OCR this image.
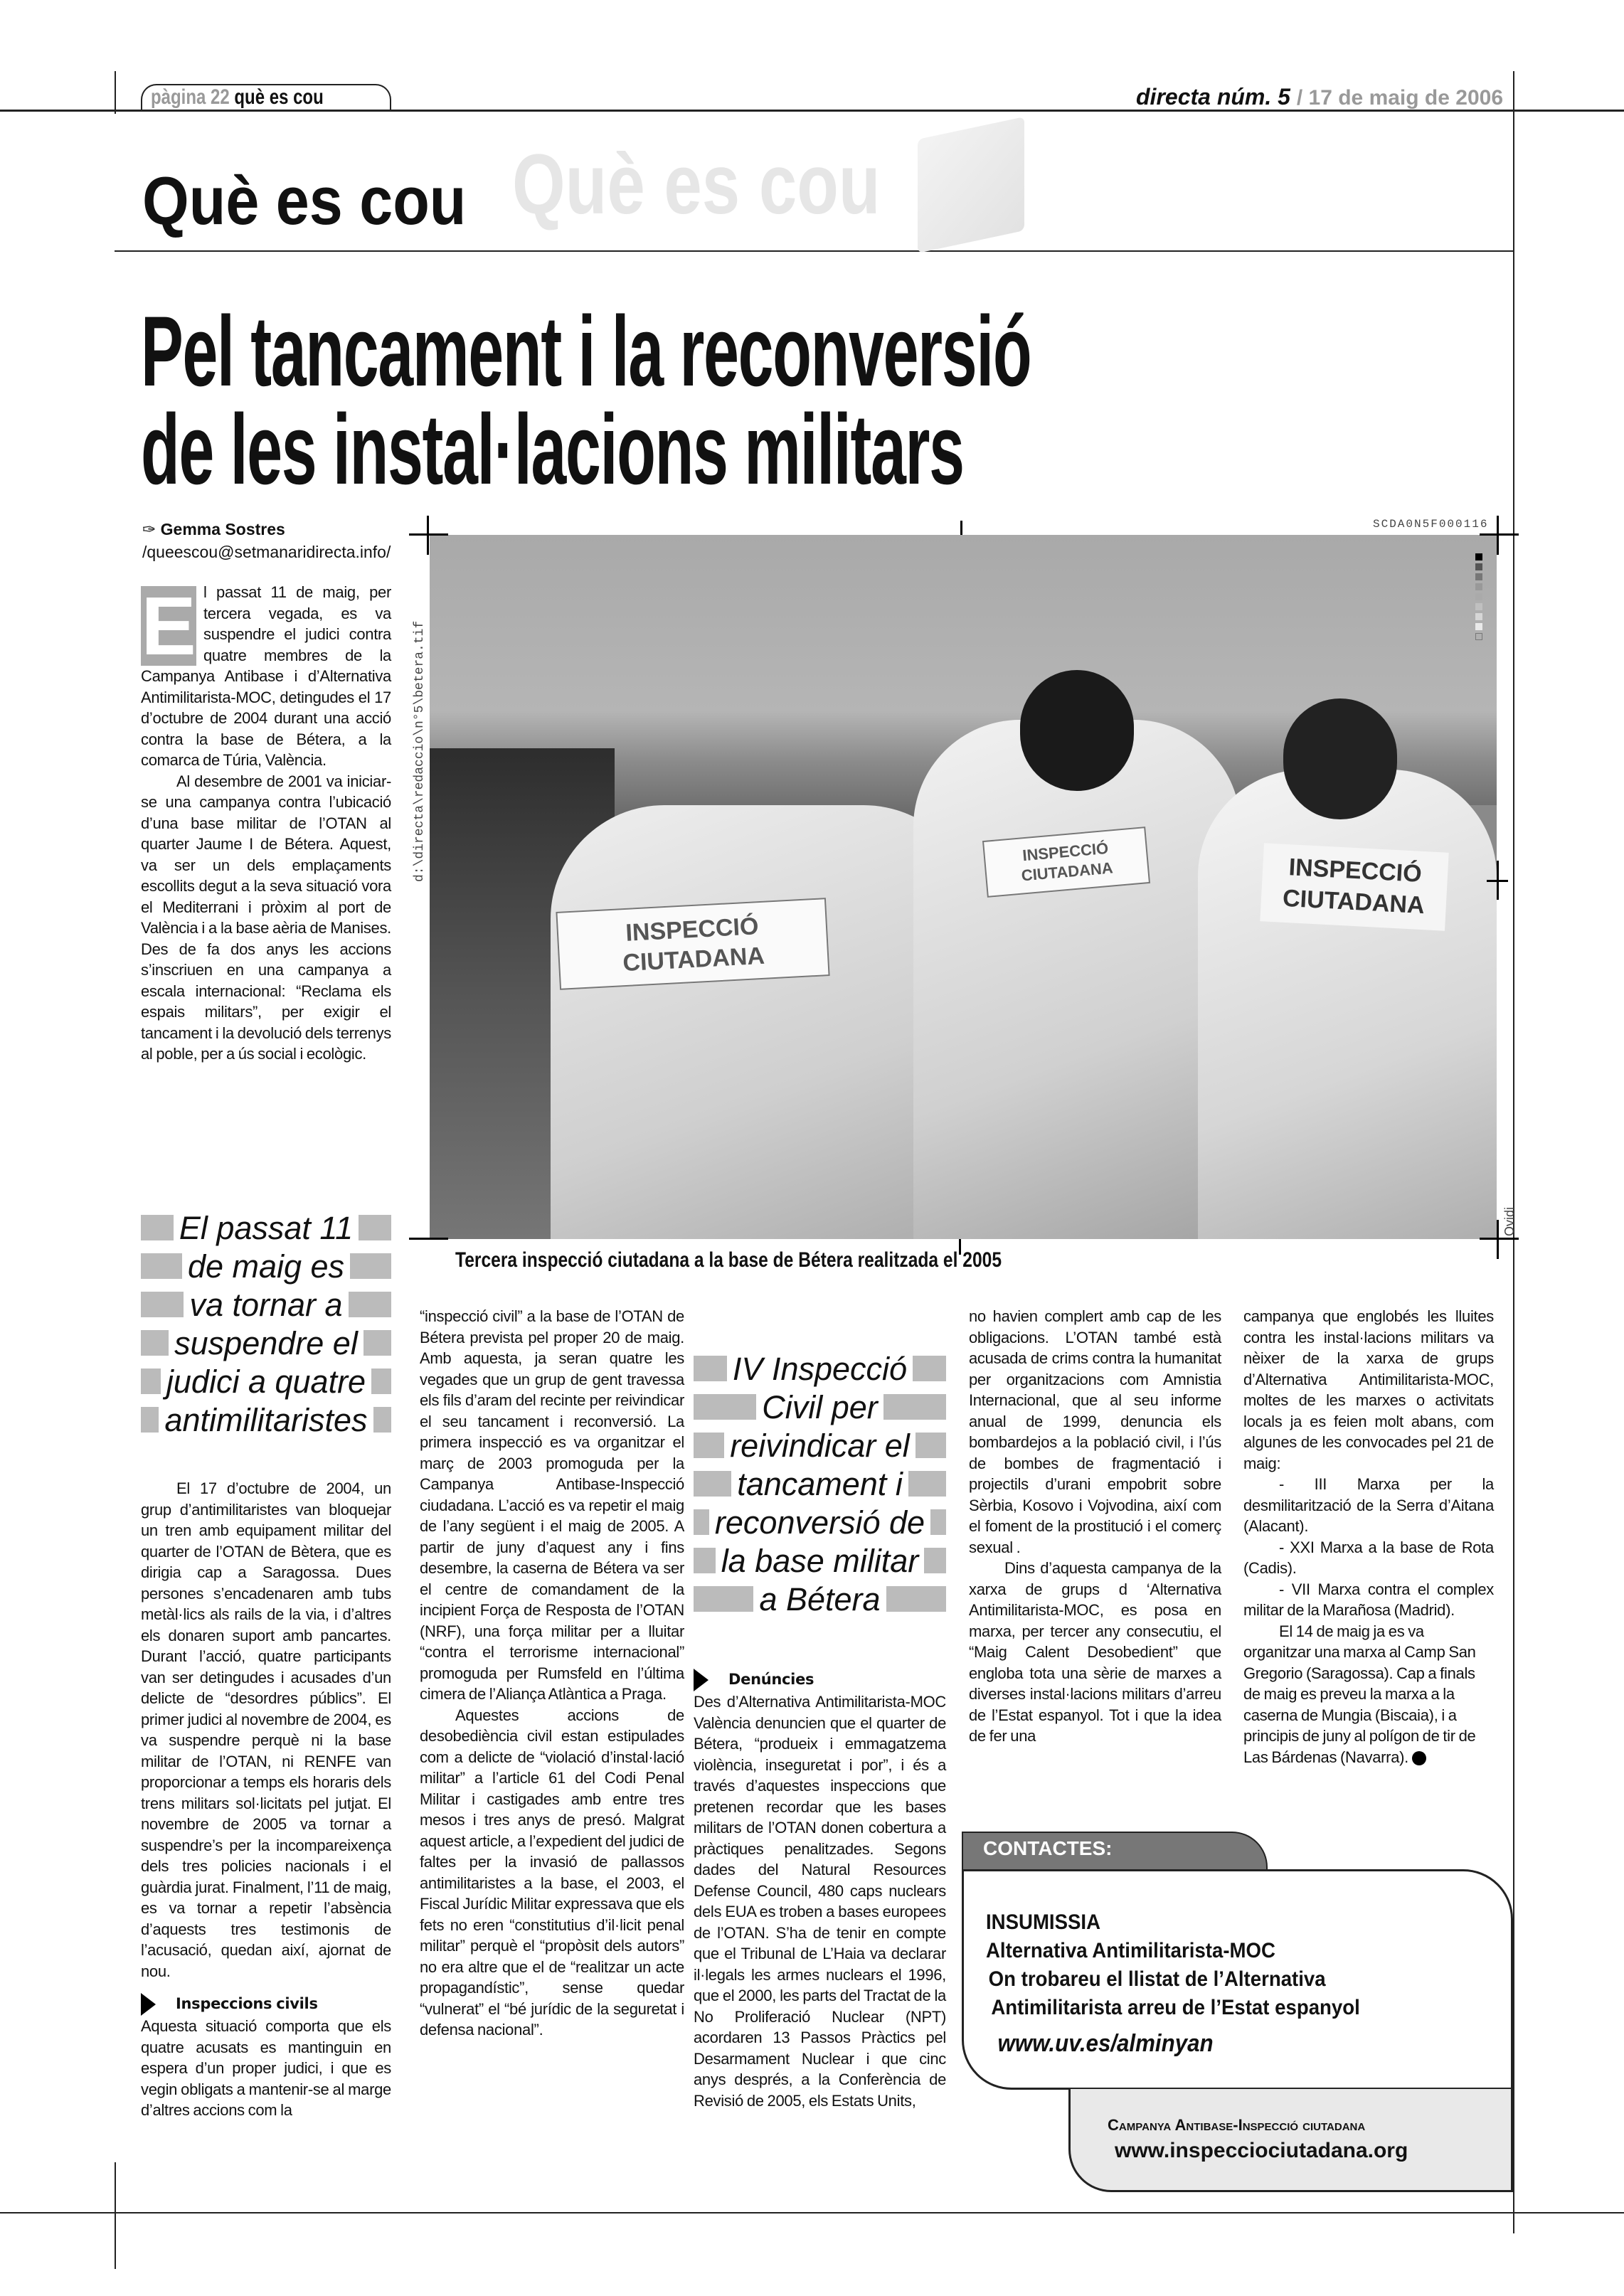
pàgina 22 què es cou	directa núm. 5 / 17 de maig de 2006
Què es cou
Què es cou
Pel tancament i la reconversió
de les instal·lacions militars
✑ Gemma Sostres
/queescou@setmanaridirecta.info/
E l passat 11 de maig, per tercera vegada, es va suspendre el judici contra quatre membres de la Campanya Antibase i d’Alternativa Antimilitarista-MOC, detingudes el 17 d’octubre de 2004 durant una acció contra la base de Bétera, a la comarca de Túria, València.

Al desembre de 2001 va iniciar-se una campanya contra l’ubicació d’una base militar de l’OTAN al quarter Jaume I de Bétera. Aquest, va ser un dels emplaçaments escollits degut a la seva situació vora el Mediterrani i pròxim al port de València i a la base aèria de Manises. Des de fa dos anys les accions s’inscriuen en una campanya a escala internacional: “Reclama els espais militars”, per exigir el tancament i la devolució dels terrenys al poble, per a ús social i ecològic.

INSPECCIÓ
CIUTADANA
INSPECCIÓ
CIUTADANA	INSPECCIÓ
CIUTADANA
d:\directa\redaccio\n°5\betera.tif
SCDA0N5F000116
Ovidi
Tercera inspecció ciutadana a la base de Bétera realitzada el 2005
El passat 11
de maig es
va tornar a
suspendre el
judici a quatre
antimilitaristes

El 17 d’octubre de 2004, un grup d’antimilitaristes van bloquejar un tren amb equipament militar del quarter de l’OTAN de Bètera, que es dirigia cap a Saragossa. Dues persones s’encadenaren amb tubs metàl·lics als rails de la via, i d’altres els donaren suport amb pancartes. Durant l’acció, quatre participants van ser detingudes i acusades d’un delicte de “desordres públics”. El primer judici al novembre de 2004, es va suspendre perquè ni la base militar de l’OTAN, ni RENFE van proporcionar a temps els horaris dels trens militars sol·licitats pel jutjat. El novembre de 2005 va tornar a suspendre’s per la incompareixença dels tres policies nacionals i el guàrdia jurat. Finalment, l’11 de maig, es va tornar a repetir l’absència d’aquests tres testimonis de l’acusació, quedan així, ajornat de nou.

Inspeccions civils

Aquesta situació comporta que els quatre acusats es mantinguin en espera d’un proper judici, i que es vegin obligats a mantenir-se al marge d’altres accions com la

“inspecció civil” a la base de l’OTAN de Bétera prevista pel proper 20 de maig. Amb aquesta, ja seran quatre les vegades que un grup de gent travessa els fils d’aram del recinte per reivindicar el seu tancament i reconversió. La primera inspecció es va organitzar el març de 2003 promoguda per la Campanya Antibase-Inspecció ciudadana. L’acció es va repetir el maig de l’any següent i el maig de 2005. A partir de juny d’aquest any i fins desembre, la caserna de Bétera va ser el centre de comandament de la incipient Força de Resposta de l’OTAN (NRF), una força militar per a lluitar “contra el terrorisme internacional” promoguda per Rumsfeld en l’última cimera de l’Aliança Atlàntica a Praga.

Aquestes accions de desobediència civil estan estipulades com a delicte de “violació d’instal·lació militar” a l’article 61 del Codi Penal Militar i castigades amb entre tres mesos i tres anys de presó. Malgrat aquest article, a l’expedient del judici de faltes per la invasió de pallassos antimilitaristes a la base, el 2003, el Fiscal Jurídic Militar expressava que els fets no eren “constitutius d’il·licit penal militar” perquè el “propòsit dels autors” no era altre que el de “realitzar un acte propagandístic”, sense quedar “vulnerat” el “bé jurídic de la seguretat i defensa nacional”.

IV Inspecció
Civil per
reivindicar el
tancament i
reconversió de
la base militar
a Bétera
Denúncies

Des d’Alternativa Antimilitarista-MOC València denuncien que el quarter de Bétera, “produeix i emmagatzema violència, inseguretat i por”, i és a través d’aquestes inspeccions que pretenen recordar que les bases militars de l’OTAN donen cobertura a pràctiques penalitzades. Segons dades del Natural Resources Defense Council, 480 caps nuclears dels EUA es troben a bases europees de l’OTAN. S’ha de tenir en compte que el Tribunal de L’Haia va declarar il·legals les armes nuclears el 1996, que el 2000, les parts del Tractat de la No Proliferació Nuclear (NPT) acordaren 13 Passos Pràctics pel Desarmament Nuclear i que cinc anys després, a la Conferència de Revisió de 2005, els Estats Units,

no havien complert amb cap de les obligacions. L’OTAN també està acusada de crims contra la humanitat per organitzacions com Amnistia Internacional, que al seu informe anual de 1999, denuncia els bombardejos a la població civil, i l’ús de bombes de fragmentació i projectils d’urani empobrit sobre Sèrbia, Kosovo i Vojvodina, així com el foment de la prostitució i el comerç sexual .

Dins d’aquesta campanya de la xarxa de grups d ‘Alternativa Antimilitarista-MOC, es posa en marxa, per tercer any consecutiu, el “Maig Calent Desobedient” que engloba tota una sèrie de marxes a diverses instal·lacions militars d’arreu de l’Estat espanyol. Tot i que la idea de fer una

campanya que englobés les lluites contra les instal·lacions militars va nèixer de la xarxa de grups d’Alternativa Antimilitarista-MOC, moltes de les marxes o activitats locals ja es feien molt abans, com algunes de les convocades pel 21 de maig:

- III Marxa per la desmilitarització de la Serra d’Aitana (Alacant).

- XXI Marxa a la base de Rota (Cadis).

- VII Marxa contra el complex militar de la Marañosa (Madrid).

El 14 de maig ja es va organitzar una marxa al Camp San Gregorio (Saragossa). Cap a finals de maig es preveu la marxa a la caserna de Mungia (Biscaia), i a principis de juny al polígon de tir de Las Bárdenas (Navarra).

CONTACTES:
INSUMISSIA
Alternativa Antimilitarista-MOC
On trobareu el llistat de l’Alternativa
Antimilitarista arreu de l’Estat espanyol
www.uv.es/alminyan
Campanya Antibase-Inspecció ciutadana
www.inspecciociutadana.org
